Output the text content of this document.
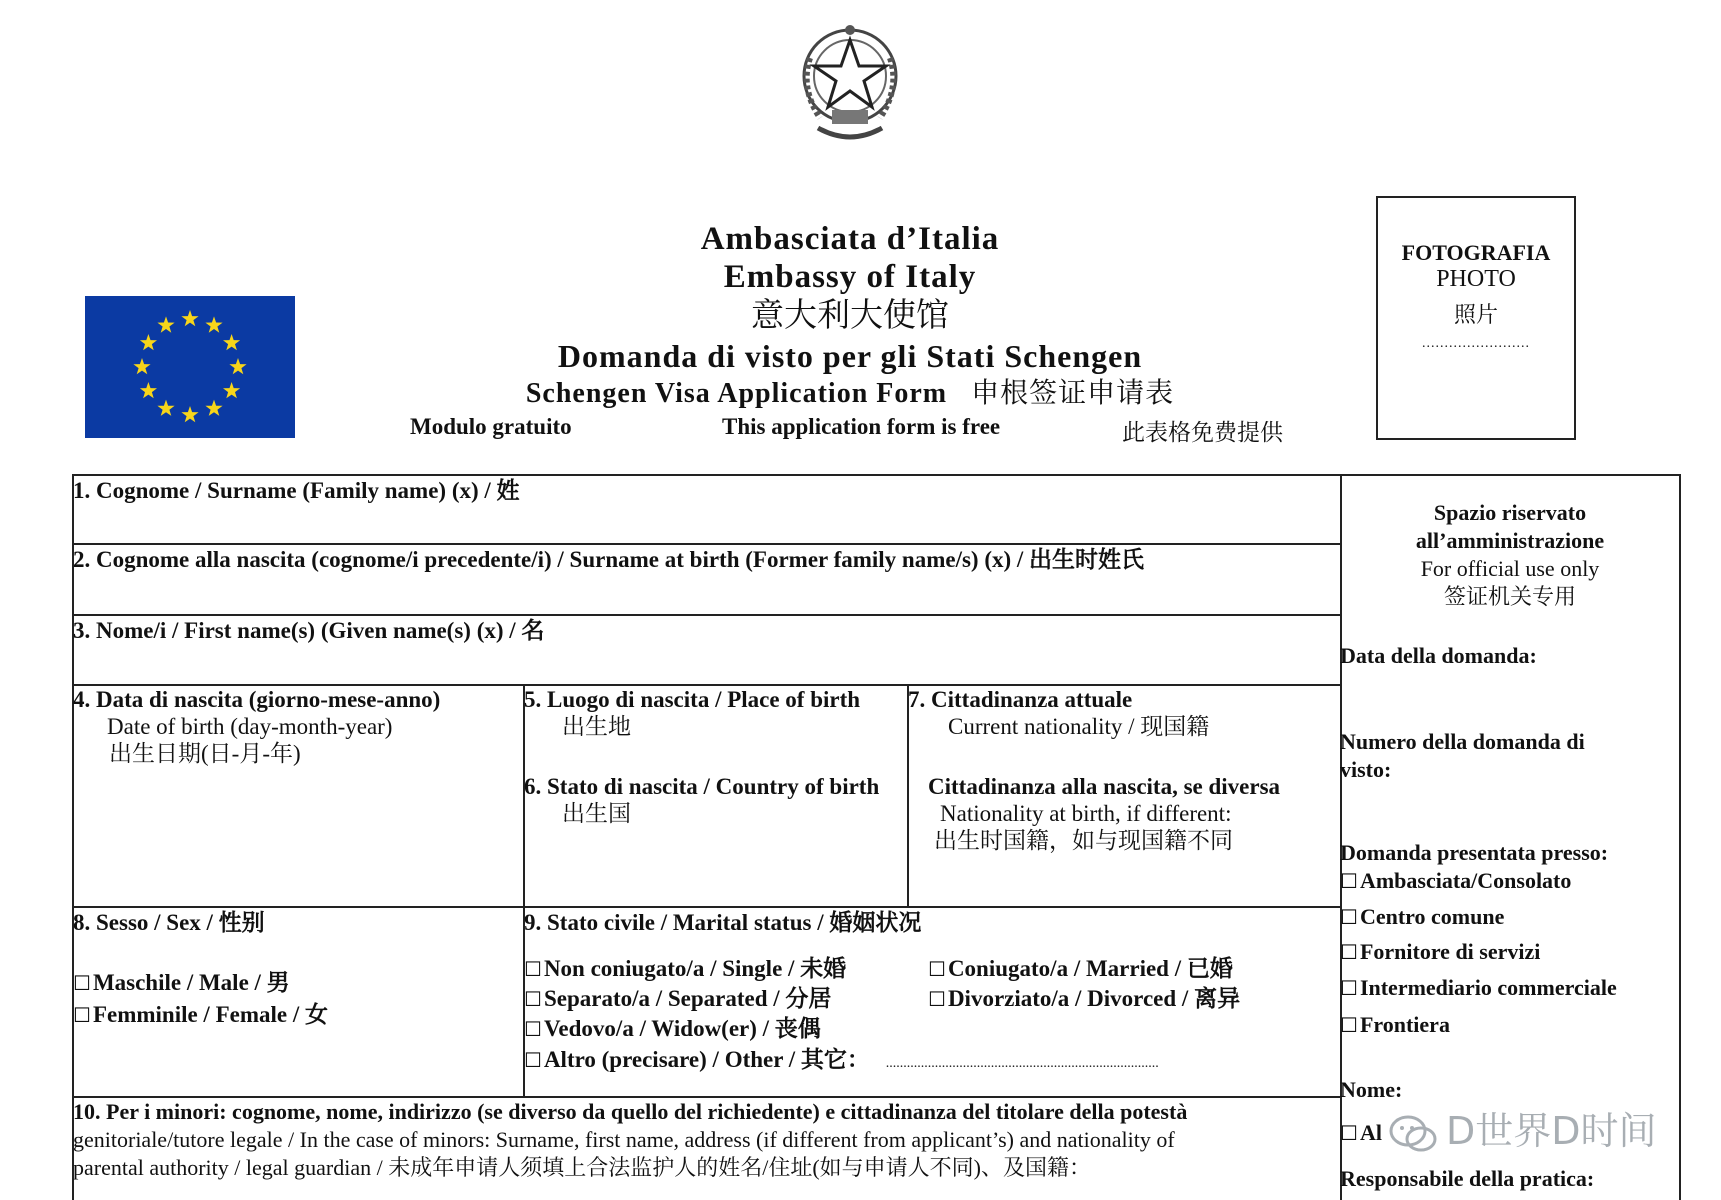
Ambasciata d’Italia
Embassy of Italy
意大利大使馆
Domanda di visto per gli Stati Schengen
Schengen Visa Application Form 申根签证申请表
Modulo gratuito	This application form is free	此表格免费提供
FOTOGRAFIA
PHOTO
照片
........................
1. Cognome / Surname (Family name) (x) / 姓
2. Cognome alla nascita (cognome/i precedente/i) / Surname at birth (Former family name/s) (x) / 出生时姓氏
3. Nome/i / First name(s) (Given name(s) (x) / 名
4. Data di nascita (giorno-mese-anno)
Date of birth (day-month-year)
出生日期(日-月-年)
5. Luogo di nascita / Place of birth
出生地
6. Stato di nascita / Country of birth
出生国
7. Cittadinanza attuale
Current nationality / 现国籍
Cittadinanza alla nascita, se diversa
Nationality at birth, if different:
出生时国籍，如与现国籍不同
8. Sesso / Sex / 性别
☐Maschile / Male / 男
☐Femminile / Female / 女
9. Stato civile / Marital status / 婚姻状况
☐Non coniugato/a / Single / 未婚	☐Coniugato/a / Married / 已婚
☐Separato/a / Separated / 分居	☐Divorziato/a / Divorced / 离异
☐Vedovo/a / Widow(er) / 丧偶
☐Altro (precisare) / Other / 其它： ..............................................................................
10. Per i minori: cognome, nome, indirizzo (se diverso da quello del richiedente) e cittadinanza del titolare della potestà
genitoriale/tutore legale / In the case of minors: Surname, first name, address (if different from applicant’s) and nationality of
parental authority / legal guardian / 未成年申请人须填上合法监护人的姓名/住址(如与申请人不同)、及国籍：
Spazio riservato
all’amministrazione
For official use only
签证机关专用
Data della domanda:
Numero della domanda di
visto:
Domanda presentata presso:
☐Ambasciata/Consolato
☐Centro comune
☐Fornitore di servizi
☐Intermediario commerciale
☐Frontiera
Nome:
☐Al
Responsabile della pratica:
D世界D时间
